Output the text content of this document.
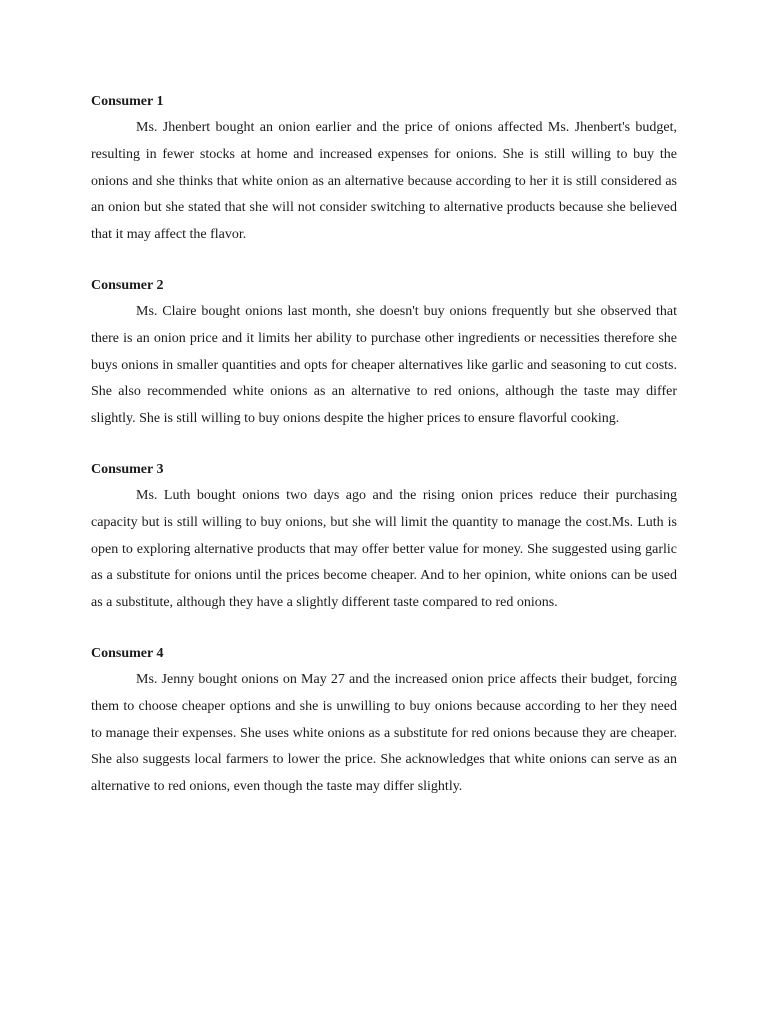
Consumer 1

Ms. Jhenbert bought an onion earlier and the price of onions affected Ms. Jhenbert's budget, resulting in fewer stocks at home and increased expenses for onions. She is still willing to buy the onions and she thinks that white onion as an alternative because according to her it is still considered as an onion but she stated that she will not consider switching to alternative products because she believed that it may affect the flavor.

Consumer 2

Ms. Claire bought onions last month, she doesn't buy onions frequently but she observed that there is an onion price and it limits her ability to purchase other ingredients or necessities therefore she buys onions in smaller quantities and opts for cheaper alternatives like garlic and seasoning to cut costs. She also recommended white onions as an alternative to red onions, although the taste may differ slightly. She is still willing to buy onions despite the higher prices to ensure flavorful cooking.

Consumer 3

Ms. Luth bought onions two days ago and the rising onion prices reduce their purchasing capacity but is still willing to buy onions, but she will limit the quantity to manage the cost.Ms. Luth is open to exploring alternative products that may offer better value for money. She suggested using garlic as a substitute for onions until the prices become cheaper. And to her opinion, white onions can be used as a substitute, although they have a slightly different taste compared to red onions.

Consumer 4

Ms. Jenny bought onions on May 27 and the increased onion price affects their budget, forcing them to choose cheaper options and she is unwilling to buy onions because according to her they need to manage their expenses. She uses white onions as a substitute for red onions because they are cheaper. She also suggests local farmers to lower the price. She acknowledges that white onions can serve as an alternative to red onions, even though the taste may differ slightly.
